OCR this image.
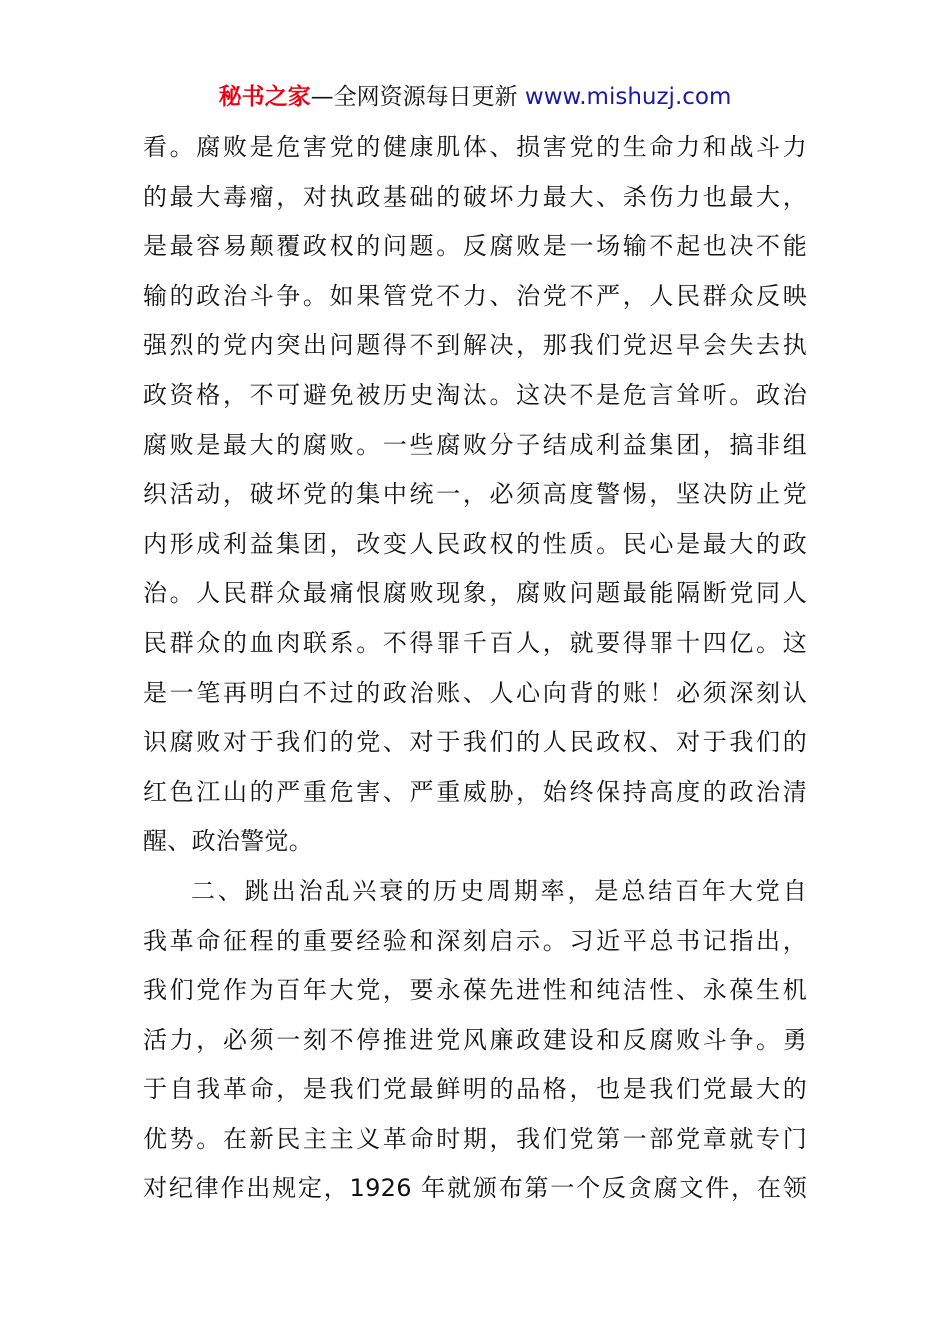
秘书之家—全网资源每日更新 www.mishuzj.com
看。腐败是危害党的健康肌体、损害党的生命力和战斗力
的最大毒瘤，对执政基础的破坏力最大、杀伤力也最大，
是最容易颠覆政权的问题。反腐败是一场输不起也决不能
输的政治斗争。如果管党不力、治党不严，人民群众反映
强烈的党内突出问题得不到解决，那我们党迟早会失去执
政资格，不可避免被历史淘汰。这决不是危言耸听。政治
腐败是最大的腐败。一些腐败分子结成利益集团，搞非组
织活动，破坏党的集中统一，必须高度警惕，坚决防止党
内形成利益集团，改变人民政权的性质。民心是最大的政
治。人民群众最痛恨腐败现象，腐败问题最能隔断党同人
民群众的血肉联系。不得罪千百人，就要得罪十四亿。这
是一笔再明白不过的政治账、人心向背的账！必须深刻认
识腐败对于我们的党、对于我们的人民政权、对于我们的
红色江山的严重危害、严重威胁，始终保持高度的政治清
醒、政治警觉。
二、跳出治乱兴衰的历史周期率，是总结百年大党自
我革命征程的重要经验和深刻启示。习近平总书记指出，
我们党作为百年大党，要永葆先进性和纯洁性、永葆生机
活力，必须一刻不停推进党风廉政建设和反腐败斗争。勇
于自我革命，是我们党最鲜明的品格，也是我们党最大的
优势。在新民主主义革命时期，我们党第一部党章就专门
对纪律作出规定，1926 年就颁布第一个反贪腐文件，在领
